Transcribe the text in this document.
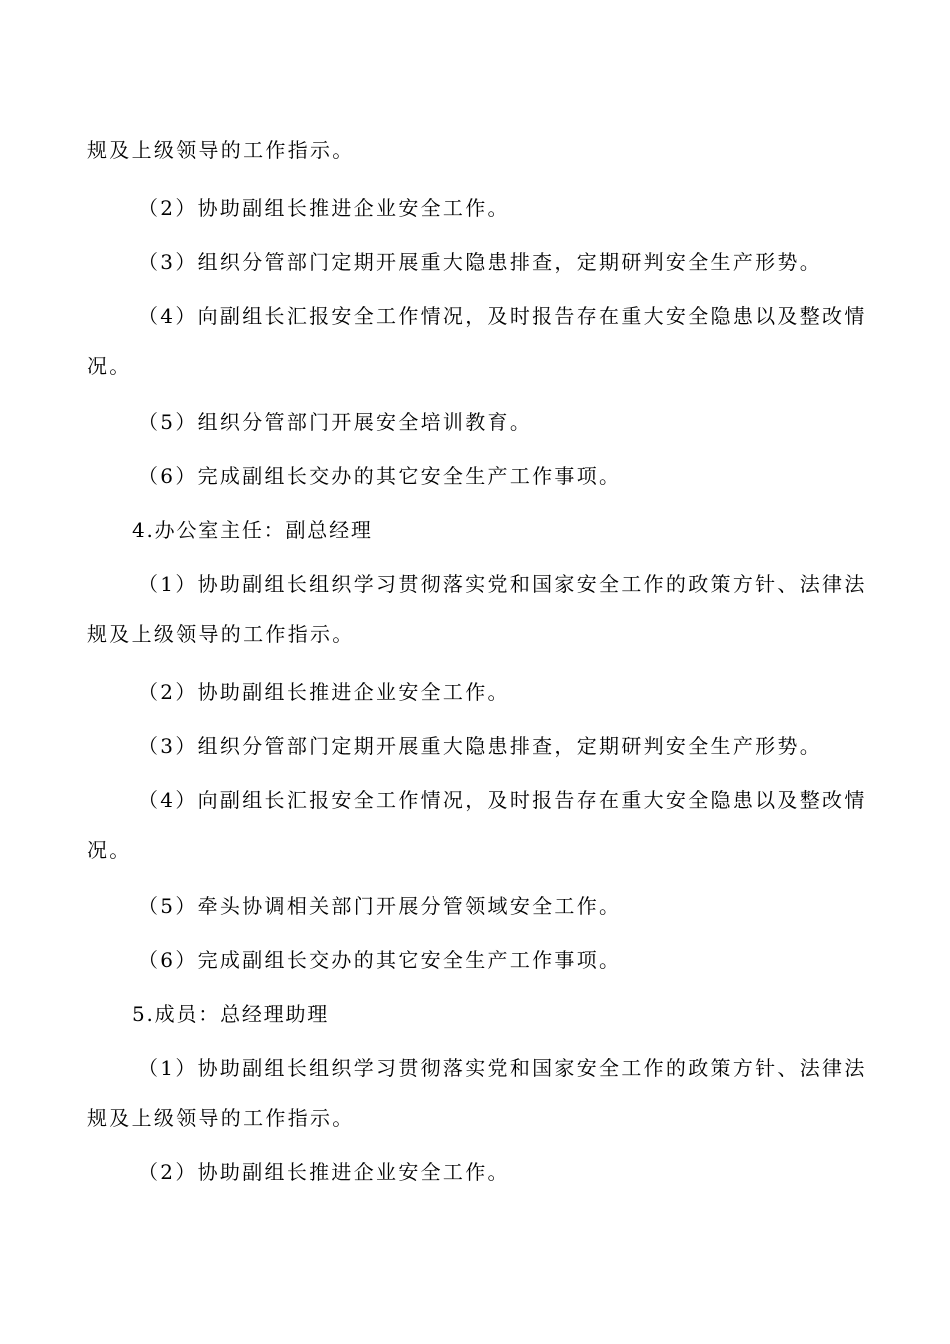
规及上级领导的工作指示。
（2）协助副组长推进企业安全工作。
（3）组织分管部门定期开展重大隐患排查，定期研判安全生产形势。
（4）向副组长汇报安全工作情况，及时报告存在重大安全隐患以及整改情
况。
（5）组织分管部门开展安全培训教育。
（6）完成副组长交办的其它安全生产工作事项。
4.办公室主任：副总经理
（1）协助副组长组织学习贯彻落实党和国家安全工作的政策方针、法律法
规及上级领导的工作指示。
（2）协助副组长推进企业安全工作。
（3）组织分管部门定期开展重大隐患排查，定期研判安全生产形势。
（4）向副组长汇报安全工作情况，及时报告存在重大安全隐患以及整改情
况。
（5）牵头协调相关部门开展分管领域安全工作。
（6）完成副组长交办的其它安全生产工作事项。
5.成员：总经理助理
（1）协助副组长组织学习贯彻落实党和国家安全工作的政策方针、法律法
规及上级领导的工作指示。
（2）协助副组长推进企业安全工作。
